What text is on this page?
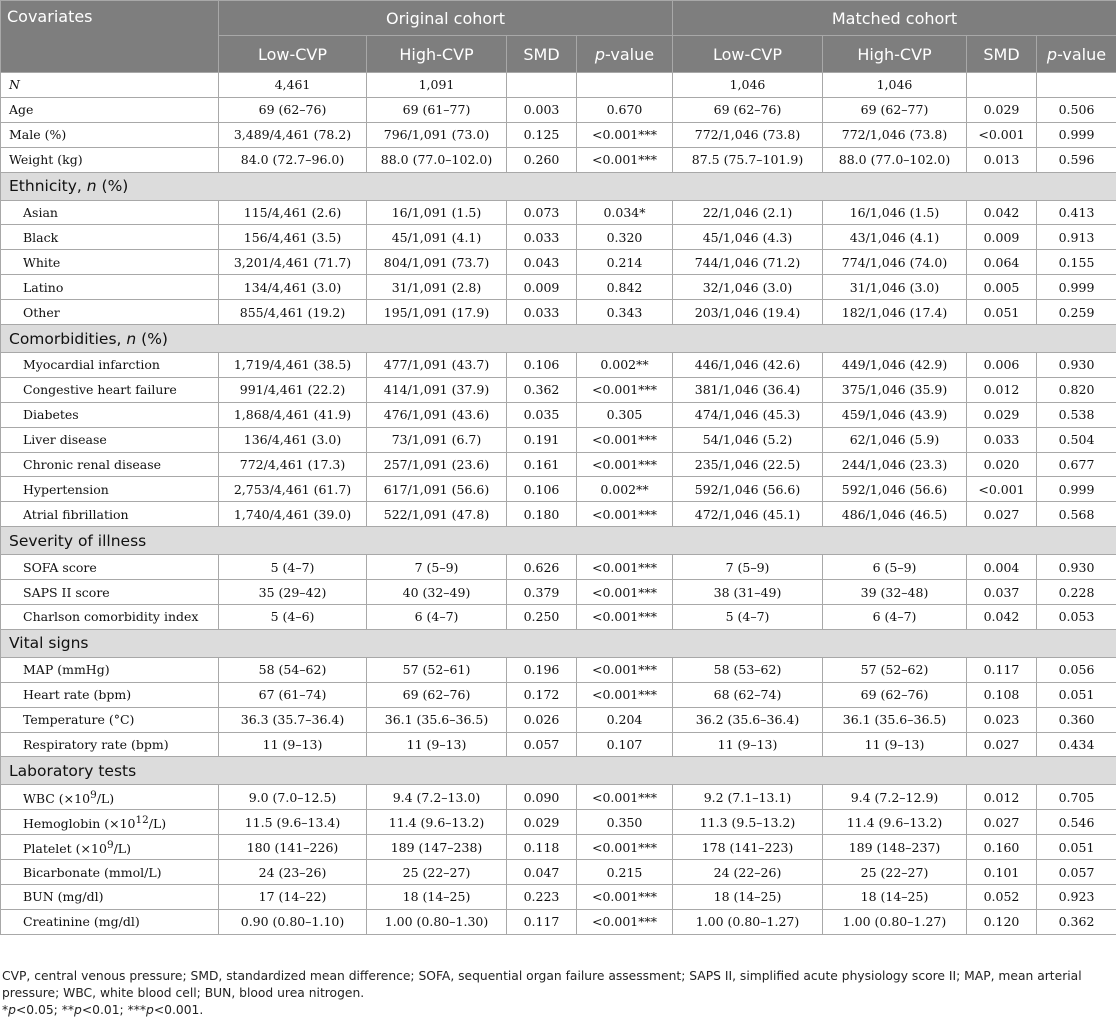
Covariates	Original cohort				Matched cohort			
	Low-CVP	High-CVP	SMD	p-value	Low-CVP	High-CVP	SMD	p-value
N	4,461	1,091			1,046	1,046		
Age	69 (62–76)	69 (61–77)	0.003	0.670	69 (62–76)	69 (62–77)	0.029	0.506
Male (%)	3,489/4,461 (78.2)	796/1,091 (73.0)	0.125	<0.001***	772/1,046 (73.8)	772/1,046 (73.8)	<0.001	0.999
Weight (kg)	84.0 (72.7–96.0)	88.0 (77.0–102.0)	0.260	<0.001***	87.5 (75.7–101.9)	88.0 (77.0–102.0)	0.013	0.596
Ethnicity, n (%)								
Asian	115/4,461 (2.6)	16/1,091 (1.5)	0.073	0.034*	22/1,046 (2.1)	16/1,046 (1.5)	0.042	0.413
Black	156/4,461 (3.5)	45/1,091 (4.1)	0.033	0.320	45/1,046 (4.3)	43/1,046 (4.1)	0.009	0.913
White	3,201/4,461 (71.7)	804/1,091 (73.7)	0.043	0.214	744/1,046 (71.2)	774/1,046 (74.0)	0.064	0.155
Latino	134/4,461 (3.0)	31/1,091 (2.8)	0.009	0.842	32/1,046 (3.0)	31/1,046 (3.0)	0.005	0.999
Other	855/4,461 (19.2)	195/1,091 (17.9)	0.033	0.343	203/1,046 (19.4)	182/1,046 (17.4)	0.051	0.259
Comorbidities, n (%)								
Myocardial infarction	1,719/4,461 (38.5)	477/1,091 (43.7)	0.106	0.002**	446/1,046 (42.6)	449/1,046 (42.9)	0.006	0.930
Congestive heart failure	991/4,461 (22.2)	414/1,091 (37.9)	0.362	<0.001***	381/1,046 (36.4)	375/1,046 (35.9)	0.012	0.820
Diabetes	1,868/4,461 (41.9)	476/1,091 (43.6)	0.035	0.305	474/1,046 (45.3)	459/1,046 (43.9)	0.029	0.538
Liver disease	136/4,461 (3.0)	73/1,091 (6.7)	0.191	<0.001***	54/1,046 (5.2)	62/1,046 (5.9)	0.033	0.504
Chronic renal disease	772/4,461 (17.3)	257/1,091 (23.6)	0.161	<0.001***	235/1,046 (22.5)	244/1,046 (23.3)	0.020	0.677
Hypertension	2,753/4,461 (61.7)	617/1,091 (56.6)	0.106	0.002**	592/1,046 (56.6)	592/1,046 (56.6)	<0.001	0.999
Atrial fibrillation	1,740/4,461 (39.0)	522/1,091 (47.8)	0.180	<0.001***	472/1,046 (45.1)	486/1,046 (46.5)	0.027	0.568
Severity of illness								
SOFA score	5 (4–7)	7 (5–9)	0.626	<0.001***	7 (5–9)	6 (5–9)	0.004	0.930
SAPS II score	35 (29–42)	40 (32–49)	0.379	<0.001***	38 (31–49)	39 (32–48)	0.037	0.228
Charlson comorbidity index	5 (4–6)	6 (4–7)	0.250	<0.001***	5 (4–7)	6 (4–7)	0.042	0.053
Vital signs								
MAP (mmHg)	58 (54–62)	57 (52–61)	0.196	<0.001***	58 (53–62)	57 (52–62)	0.117	0.056
Heart rate (bpm)	67 (61–74)	69 (62–76)	0.172	<0.001***	68 (62–74)	69 (62–76)	0.108	0.051
Temperature (°C)	36.3 (35.7–36.4)	36.1 (35.6–36.5)	0.026	0.204	36.2 (35.6–36.4)	36.1 (35.6–36.5)	0.023	0.360
Respiratory rate (bpm)	11 (9–13)	11 (9–13)	0.057	0.107	11 (9–13)	11 (9–13)	0.027	0.434
Laboratory tests								
WBC $(\times 10^9/L)$	9.0 (7.0–12.5)	9.4 (7.2–13.0)	0.090	<0.001***	9.2 (7.1–13.1)	9.4 (7.2–12.9)	0.012	0.705
Hemoglobin $(\times 10^{12}/L)$	11.5 (9.6–13.4)	11.4 (9.6–13.2)	0.029	0.350	11.3 (9.5–13.2)	11.4 (9.6–13.2)	0.027	0.546
Platelet $(\times 10^9/L)$	180 (141–226)	189 (147–238)	0.118	<0.001***	178 (141–223)	189 (148–237)	0.160	0.051
Bicarbonate (mmol/L)	24 (23–26)	25 (22–27)	0.047	0.215	24 (22–26)	25 (22–27)	0.101	0.057
BUN (mg/dl)	17 (14–22)	18 (14–25)	0.223	<0.001***	18 (14–25)	18 (14–25)	0.052	0.923
Creatinine (mg/dl)	0.90 (0.80–1.10)	1.00 (0.80–1.30)	0.117	<0.001***	1.00 (0.80–1.27)	1.00 (0.80–1.27)	0.120	0.362

CVP, central venous pressure; SMD, standardized mean difference; SOFA, sequential organ failure assessment; SAPS II, simplified acute physiology score II; MAP, mean arterial pressure; WBC, white blood cell; BUN, blood urea nitrogen.

*p<0.05; **p<0.01; ***p<0.001.
